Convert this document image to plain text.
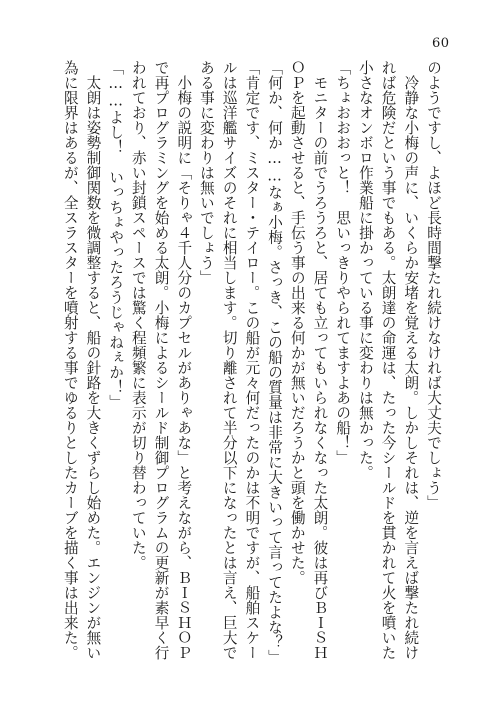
60
のようですし、よほど長時間撃たれ続けなければ大丈夫でしょう」
　冷静な小梅の声に、いくらか安堵を覚える太朗。しかしそれは、逆を言えば撃たれ続け
れば危険だという事でもある。太朗達の命運は、たった今シールドを貫かれて火を噴いた
小さなオンボロ作業船に掛かっている事に変わりは無かった。
「ちょおおおっと！　思いっきりやられてますよあの船！」
　モニターの前でうろうろと、居ても立ってもいられなくなった太朗。彼は再びＢＩＳＨ
ＯＰを起動させると、手伝う事の出来る何かが無いだろうかと頭を働かせた。
「何か、何か……なぁ小梅。さっき、この船の質量は非常に大きいって言ってたよな？」
「肯定です、ミスター・テイロー。この船が元々何だったのかは不明ですが、船舶スケー
ルは巡洋艦サイズのそれに相当します。切り離されて半分以下になったとは言え、巨大で
ある事に変わりは無いでしょう」
　小梅の説明に「そりゃ４千人分のカプセルがありゃあな」と考えながら、ＢＩＳＨＯＰ
で再プログラミングを始める太朗。小梅によるシールド制御プログラムの更新が素早く行
われており、赤い封鎖スペースでは驚く程頻繁に表示が切り替わっていた。
「……よし！　いっちょやったろうじゃねぇか！」
　太朗は姿勢制御関数を微調整すると、船の針路を大きくずらし始めた。エンジンが無い
為に限界はあるが、全スラスターを噴射する事でゆるりとしたカーブを描く事は出来た。
